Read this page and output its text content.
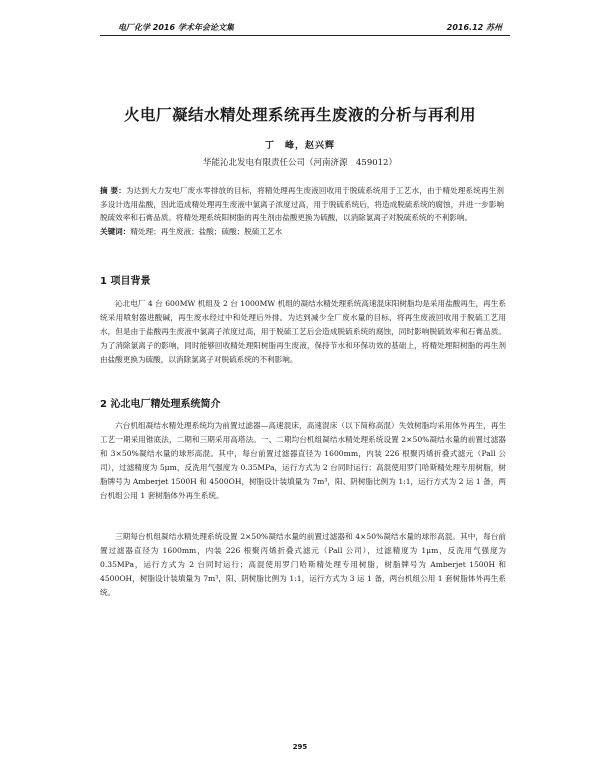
电厂化学 2016 学术年会论文集	2016.12 苏州
火电厂凝结水精处理系统再生废液的分析与再利用
丁　峰，赵兴辉
华能沁北发电有限责任公司（河南济源　459012）
摘 要：为达到大力发电厂废水零排放的目标，将精处理再生废液回收用于脱硫系统用于工艺水，由于精处理系统再生剂多设计选用盐酸，因此造成精处理再生废液中氯离子浓度过高，用于脱硫系统后，将造成脱硫系统的腐蚀，并进一步影响脱硫效率和石膏品质。将精处理系统阳树脂的再生剂由盐酸更换为硫酸，以消除氯离子对脱硫系统的不利影响。
关键词：精处理；再生废液；盐酸；硫酸；脱硫工艺水
1 项目背景

沁北电厂 4 台 600MW 机组及 2 台 1000MW 机组的凝结水精处理系统高速混床阳树脂均是采用盐酸再生，再生系统采用喷射器进酸碱，再生废水经过中和处理后外排。为达到减少全厂废水量的目标，将再生废液回收用于脱硫工艺用水，但是由于盐酸再生废液中氯离子浓度过高，用于脱硫工艺后会造成脱硫系统的腐蚀，同时影响脱硫效率和石膏品质。为了消除氯离子的影响，同时能够回收精处理阳树脂再生废液，保持节水和环保功效的基础上，将精处理阳树脂的再生剂由盐酸更换为硫酸，以消除氯离子对脱硫系统的不利影响。

2 沁北电厂精处理系统简介

六台机组凝结水精处理系统均为前置过滤器—高速混床，高速混床（以下简称高混）失效树脂均采用体外再生，再生工艺一期采用锥底法，二期和三期采用高塔法。一、二期均台机组凝结水精处理系统设置 2×50%凝结水量的前置过滤器和 3×50%凝结水量的球形高混。其中，每台前置过滤器直径为 1600mm，内装 226 根聚丙烯折叠式滤元（Pall 公司），过滤精度为 5μm，反洗用气强度为 0.35MPa，运行方式为 2 台同时运行；高混使用罗门哈斯精处理专用树脂，树脂牌号为 Amberjet 1500H 和 4500OH，树脂设计装填量为 7m³，阳、阴树脂比例为 1:1，运行方式为 2 运 1 备，两台机组公用 1 套树脂体外再生系统。

三期每台机组凝结水精处理系统设置 2×50%凝结水量的前置过滤器和 4×50%凝结水量的球形高混。其中，每台前置过滤器直径为 1600mm，内装 226 根聚丙烯折叠式滤元（Pall 公司），过滤精度为 1μm，反洗用气强度为 0.35MPa，运行方式为 2 台同时运行；高混使用罗门哈斯精处理专用树脂，树脂牌号为 Amberjet 1500H 和 4500OH，树脂设计装填量为 7m³，阳、阴树脂比例为 1:1，运行方式为 3 运 1 备，两台机组公用 1 套树脂体外再生系统。

295
